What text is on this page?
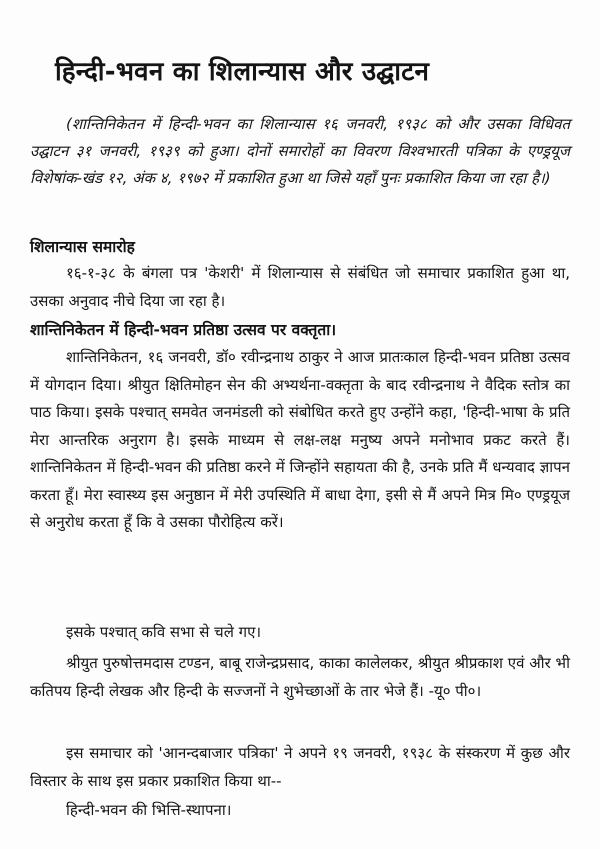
हिन्दी-भवन का शिलान्यास और उद्घाटन
(शान्तिनिकेतन में हिन्दी-भवन का शिलान्यास १६ जनवरी, १९३८ को और उसका विधिवत उद्घाटन ३१ जनवरी, १९३९ को हुआ। दोनों समारोहों का विवरण विश्वभारती पत्रिका के एण्ड्रयूज विशेषांक-खंड १२, अंक ४, १९७२ में प्रकाशित हुआ था जिसे यहाँ पुनः प्रकाशित किया जा रहा है।)
शिलान्यास समारोह
१६-१-३८ के बंगला पत्र 'केशरी' में शिलान्यास से संबंधित जो समाचार प्रकाशित हुआ था, उसका अनुवाद नीचे दिया जा रहा है।
शान्तिनिकेतन में हिन्दी-भवन प्रतिष्ठा उत्सव पर वक्तृता।
शान्तिनिकेतन, १६ जनवरी, डॉ० रवीन्द्रनाथ ठाकुर ने आज प्रातःकाल हिन्दी-भवन प्रतिष्ठा उत्सव में योगदान दिया। श्रीयुत क्षितिमोहन सेन की अभ्यर्थना-वक्तृता के बाद रवीन्द्रनाथ ने वैदिक स्तोत्र का पाठ किया। इसके पश्चात् समवेत जनमंडली को संबोधित करते हुए उन्होंने कहा, 'हिन्दी-भाषा के प्रति मेरा आन्तरिक अनुराग है। इसके माध्यम से लक्ष-लक्ष मनुष्य अपने मनोभाव प्रकट करते हैं। शान्तिनिकेतन में हिन्दी-भवन की प्रतिष्ठा करने में जिन्होंने सहायता की है, उनके प्रति मैं धन्यवाद ज्ञापन करता हूँ। मेरा स्वास्थ्य इस अनुष्ठान में मेरी उपस्थिति में बाधा देगा, इसी से मैं अपने मित्र मि० एण्ड्रयूज से अनुरोध करता हूँ कि वे उसका पौरोहित्य करें।
इसके पश्चात् कवि सभा से चले गए।
श्रीयुत पुरुषोत्तमदास टण्डन, बाबू राजेन्द्रप्रसाद, काका कालेलकर, श्रीयुत श्रीप्रकाश एवं और भी कतिपय हिन्दी लेखक और हिन्दी के सज्जनों ने शुभेच्छाओं के तार भेजे हैं। -यू० पी०।
इस समाचार को 'आनन्दबाजार पत्रिका' ने अपने १९ जनवरी, १९३८ के संस्करण में कुछ और विस्तार के साथ इस प्रकार प्रकाशित किया था--
हिन्दी-भवन की भित्ति-स्थापना।
